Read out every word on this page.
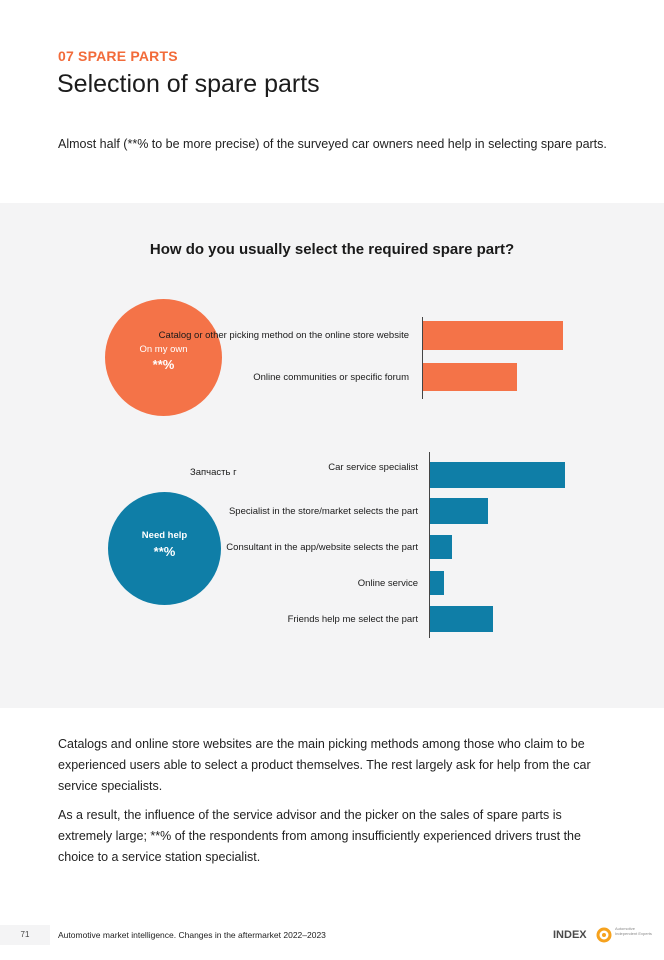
07 SPARE PARTS
Selection of spare parts
Almost half (**% to be more precise) of the surveyed car owners need help in selecting spare parts.
How do you usually select the required spare part?
On my own
**%
Need help
**%
Запчасть г
Catalog or other picking method on the online store website
Online communities or specific forum
Car service specialist
Specialist in the store/market selects the part
Consultant in the app/website selects the part
Online service
Friends help me select the part
Catalogs and online store websites are the main picking methods among those who claim to be experienced users able to select a product themselves. The rest largely ask for help from the car service specialists.
As a result, the influence of the service advisor and the picker on the sales of spare parts is extremely large; **% of the respondents from among insufficiently experienced drivers trust the choice to a service station specialist.
71	Automotive market intelligence. Changes in the aftermarket 2022–2023	INDEX
Automotive Independent Experts
